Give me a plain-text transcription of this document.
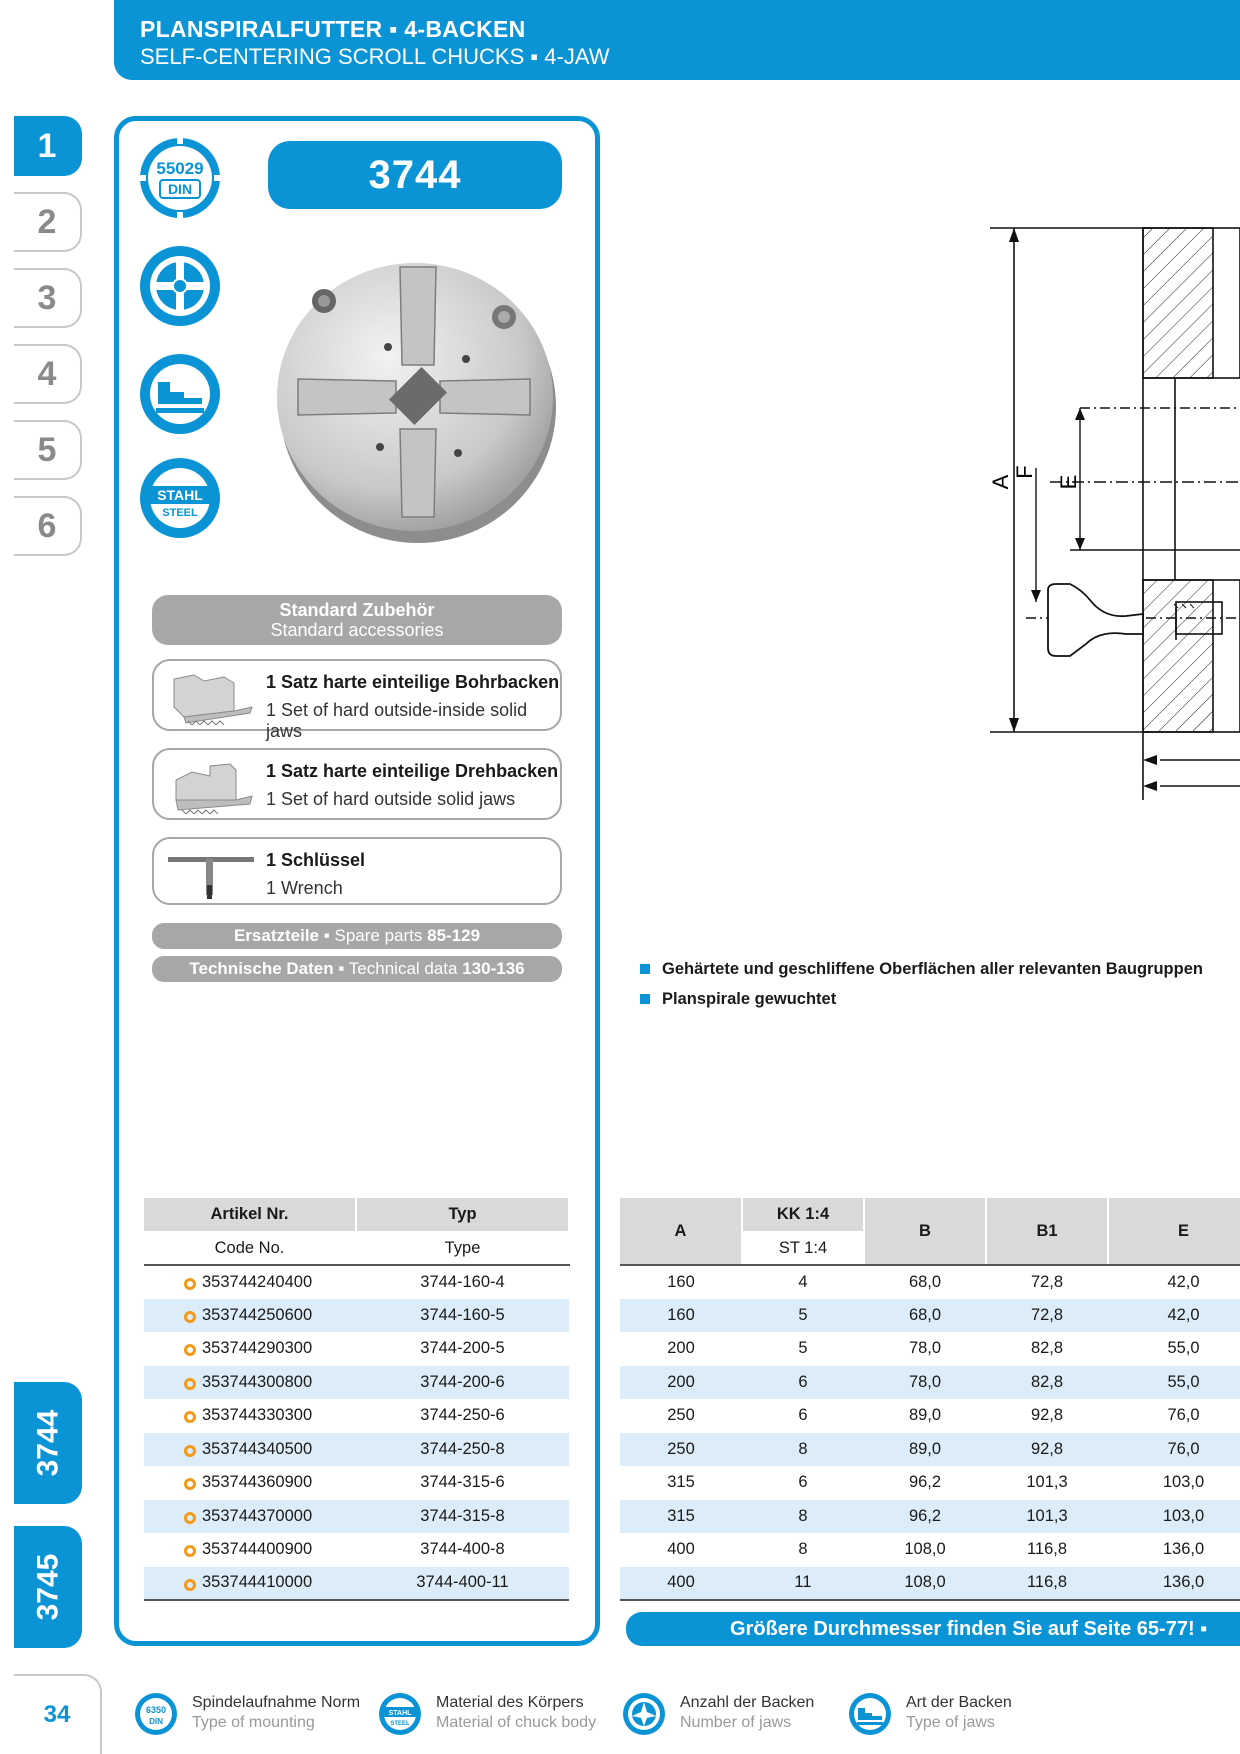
PLANSPIRALFUTTER ▪ 4-BACKEN
SELF-CENTERING SCROLL CHUCKS ▪ 4-JAW
1
2
3
4
5
6
3744
3745
55029
DIN
STAHL
STEEL
3744
Standard Zubehör
Standard accessories
1 Satz harte einteilige Bohrbacken
1 Set of hard outside-inside solid jaws
1 Satz harte einteilige Drehbacken
1 Set of hard outside solid jaws
1 Schlüssel
1 Wrench
Ersatzteile ▪ Spare parts 85-129
Technische Daten ▪ Technical data 130-136
A
F
E
Gehärtete und geschliffene Oberflächen aller relevanten Baugruppen
Planspirale gewuchtet
Artikel Nr.	Typ
Code No.	Type
353744240400	3744-160-4
353744250600	3744-160-5
353744290300	3744-200-5
353744300800	3744-200-6
353744330300	3744-250-6
353744340500	3744-250-8
353744360900	3744-315-6
353744370000	3744-315-8
353744400900	3744-400-8
353744410000	3744-400-11
A	KK 1:4	B	B1	E
	ST 1:4			
160	4	68,0	72,8	42,0
160	5	68,0	72,8	42,0
200	5	78,0	82,8	55,0
200	6	78,0	82,8	55,0
250	6	89,0	92,8	76,0
250	8	89,0	92,8	76,0
315	6	96,2	101,3	103,0
315	8	96,2	101,3	103,0
400	8	108,0	116,8	136,0
400	11	108,0	116,8	136,0
Größere Durchmesser finden Sie auf Seite 65-77! ▪
34	6350
DIN
Spindelaufnahme Norm
Type of mounting
STAHL
STEEL
Material des Körpers
Material of chuck body
Anzahl der Backen
Number of jaws
Art der Backen
Type of jaws
